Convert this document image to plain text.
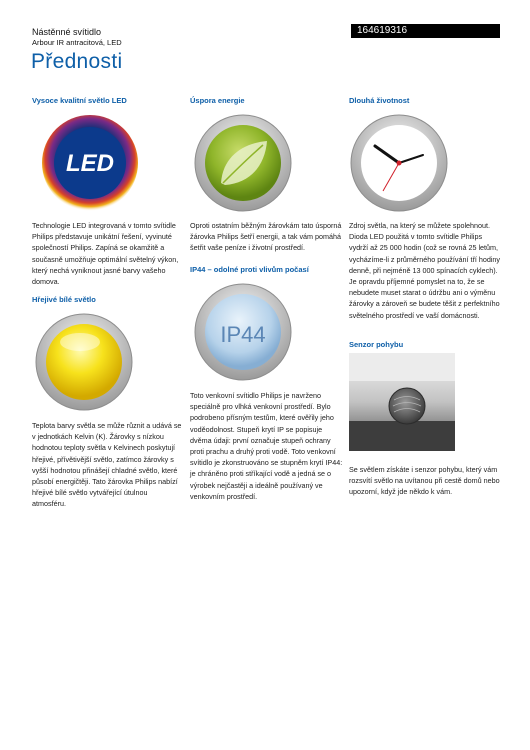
164619316
Nástěnné svítidlo
Arbour IR antracitová, LED
Přednosti
Vysoce kvalitní světlo LED
LED

Technologie LED integrovaná v tomto svítidle Philips představuje unikátní řešení, vyvinuté společností Philips. Zapíná se okamžitě a současně umožňuje optimální světelný výkon, který nechá vyniknout jasné barvy vašeho domova.

Hřejivé bílé světlo

Teplota barvy světla se může různit a udává se v jednotkách Kelvin (K). Žárovky s nízkou hodnotou teploty světla v Kelvinech poskytují hřejivé, přívětivější světlo, zatímco žárovky s vyšší hodnotou přinášejí chladné světlo, které působí energičtěji. Tato žárovka Philips nabízí hřejivé bílé světlo vytvářející útulnou atmosféru.

Úspora energie

Oproti ostatním běžným žárovkám tato úsporná žárovka Philips šetří energii, a tak vám pomáhá šetřit vaše peníze i životní prostředí.

IP44 – odolné proti vlivům počasí
IP44

Toto venkovní svítidlo Philips je navrženo speciálně pro vlhká venkovní prostředí. Bylo podrobeno přísným testům, které ověřily jeho voděodolnost. Stupeň krytí IP se popisuje dvěma údaji: první označuje stupeň ochrany proti prachu a druhý proti vodě. Toto venkovní svítidlo je zkonstruováno se stupněm krytí IP44: je chráněno proti stříkající vodě a jedná se o výrobek nejčastěji a ideálně používaný ve venkovním prostředí.

Dlouhá životnost

Zdroj světla, na který se můžete spolehnout. Dioda LED použitá v tomto svítidle Philips vydrží až 25 000 hodin (což se rovná 25 letům, vycházíme-li z průměrného používání tří hodiny denně, při nejméně 13 000 spínacích cyklech). Je opravdu příjemné pomyslet na to, že se nebudete muset starat o údržbu ani o výměnu žárovky a zároveň se budete těšit z perfektního světelného prostředí ve vaší domácnosti.

Senzor pohybu

Se světlem získáte i senzor pohybu, který vám rozsvítí světlo na uvítanou při cestě domů nebo upozorní, když jde někdo k vám.
